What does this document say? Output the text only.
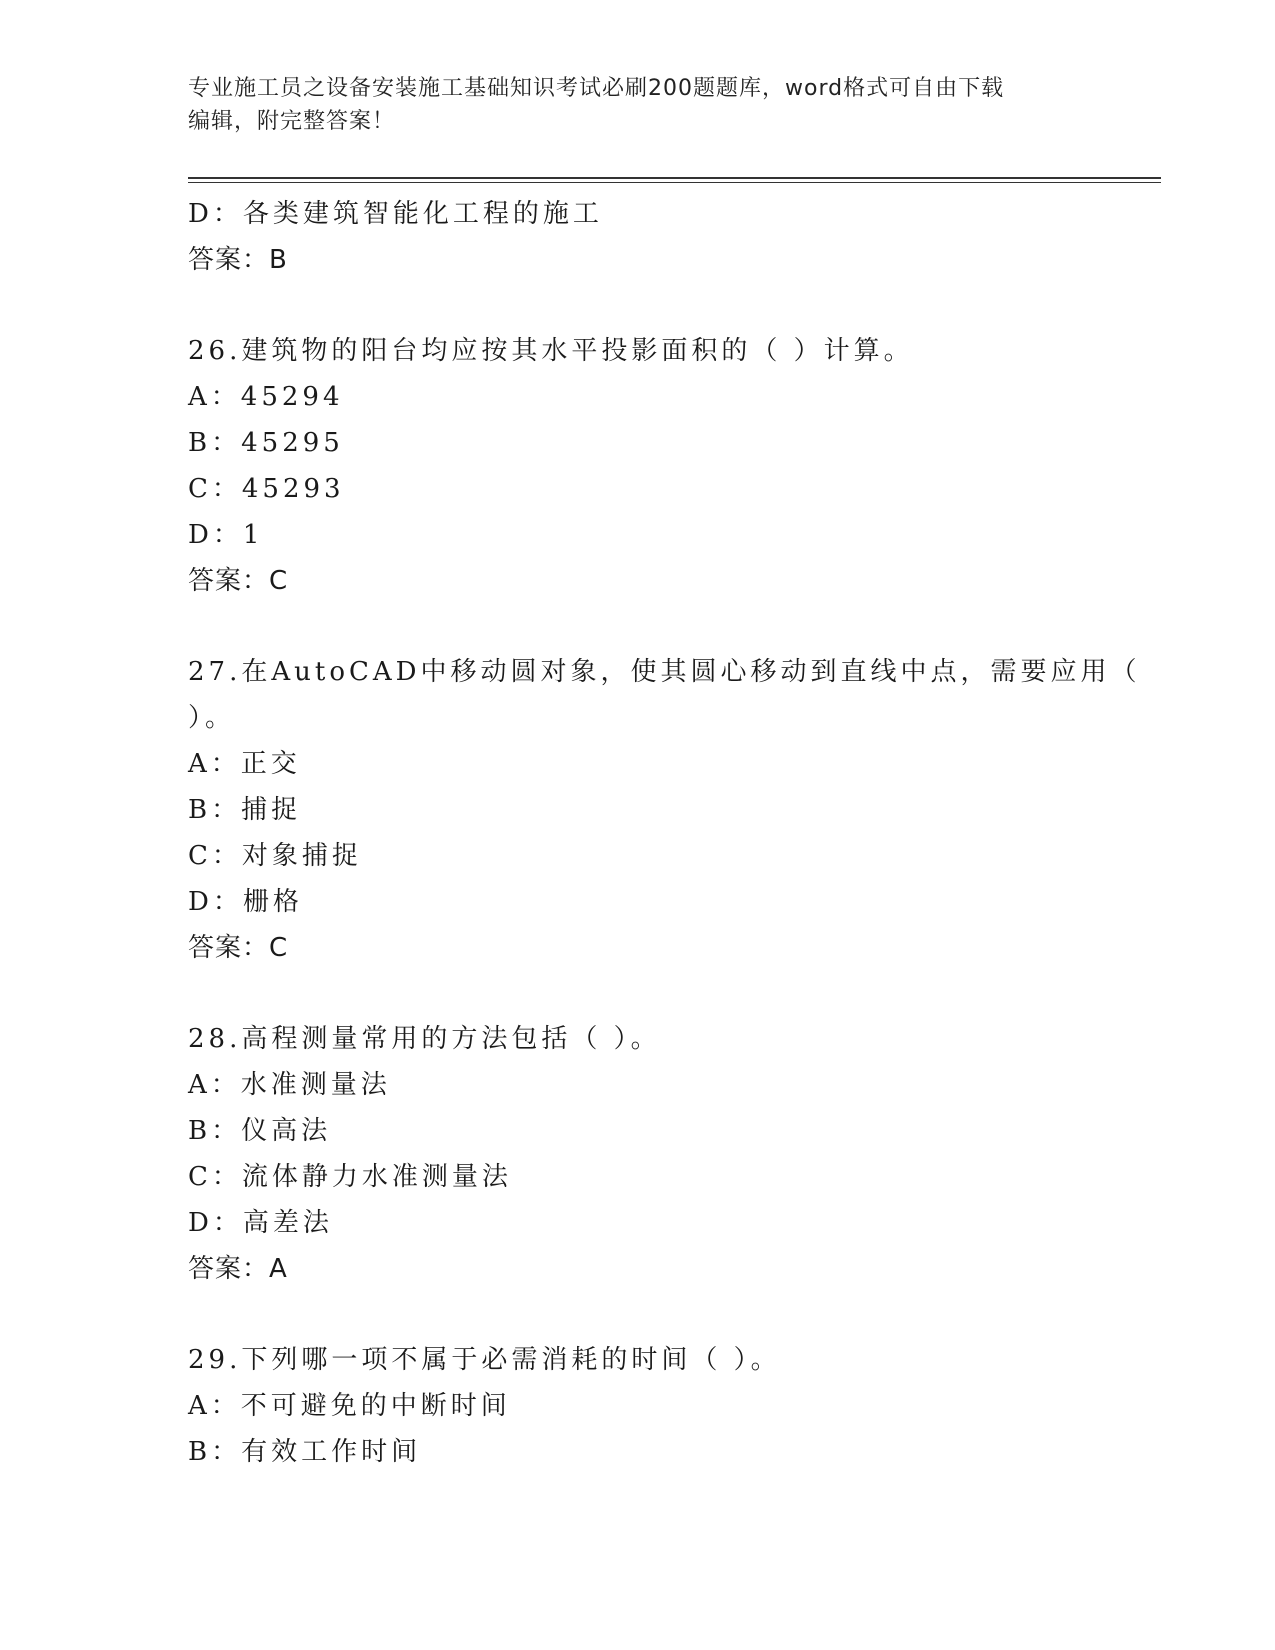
专业施工员之设备安装施工基础知识考试必刷200题题库，word格式可自由下载
编辑，附完整答案！
D：各类建筑智能化工程的施工
答案：B
26.建筑物的阳台均应按其水平投影面积的（ ）计算。
A：45294
B：45295
C：45293
D：1
答案：C
27.在AutoCAD中移动圆对象，使其圆心移动到直线中点，需要应用（
）。
A：正交
B：捕捉
C：对象捕捉
D：栅格
答案：C
28.高程测量常用的方法包括（ ）。
A：水准测量法
B：仪高法
C：流体静力水准测量法
D：高差法
答案：A
29.下列哪一项不属于必需消耗的时间（ ）。
A：不可避免的中断时间
B：有效工作时间
